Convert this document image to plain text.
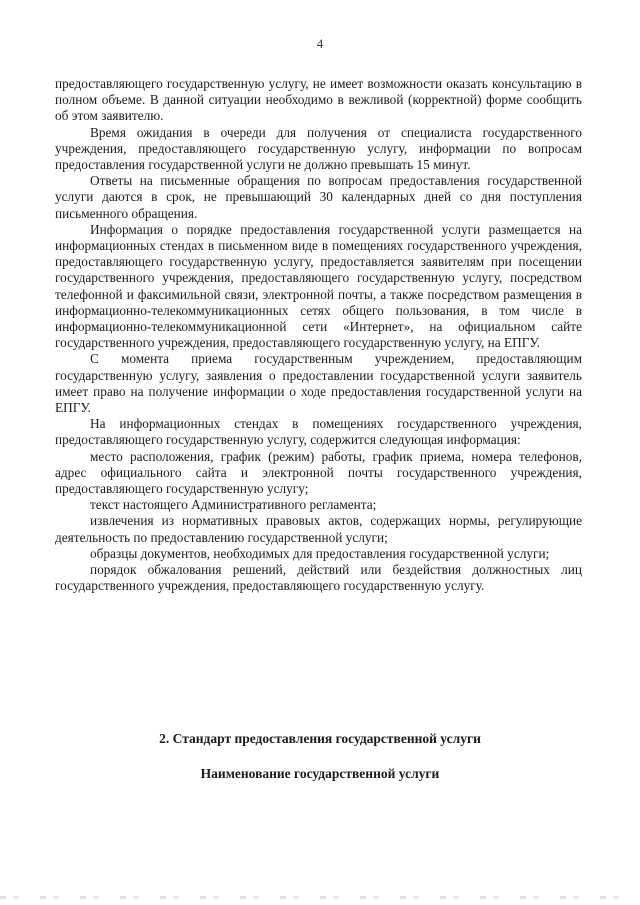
4

предоставляющего государственную услугу, не имеет возможности оказать консультацию в полном объеме. В данной ситуации необходимо в вежливой (корректной) форме сообщить об этом заявителю.

Время ожидания в очереди для получения от специалиста государственного учреждения, предоставляющего государственную услугу, информации по вопросам предоставления государственной услуги не должно превышать 15 минут.

Ответы на письменные обращения по вопросам предоставления государственной услуги даются в срок, не превышающий 30 календарных дней со дня поступления письменного обращения.

Информация о порядке предоставления государственной услуги размещается на информационных стендах в письменном виде в помещениях государственного учреждения, предоставляющего государственную услугу, предоставляется заявителям при посещении государственного учреждения, предоставляющего государственную услугу, посредством телефонной и факсимильной связи, электронной почты, а также посредством размещения в информационно-телекоммуникационных сетях общего пользования, в том числе в информационно-телекоммуникационной сети «Интернет», на официальном сайте государственного учреждения, предоставляющего государственную услугу, на ЕПГУ.

С момента приема государственным учреждением, предоставляющим государственную услугу, заявления о предоставлении государственной услуги заявитель имеет право на получение информации о ходе предоставления государственной услуги на ЕПГУ.

На информационных стендах в помещениях государственного учреждения, предоставляющего государственную услугу, содержится следующая информация:

место расположения, график (режим) работы, график приема, номера телефонов, адрес официального сайта и электронной почты государственного учреждения, предоставляющего государственную услугу;

текст настоящего Административного регламента;

извлечения из нормативных правовых актов, содержащих нормы, регулирующие деятельность по предоставлению государственной услуги;

образцы документов, необходимых для предоставления государственной услуги;

порядок обжалования решений, действий или бездействия должностных лиц государственного учреждения, предоставляющего государственную услугу.

2. Стандарт предоставления государственной услуги
Наименование государственной услуги
